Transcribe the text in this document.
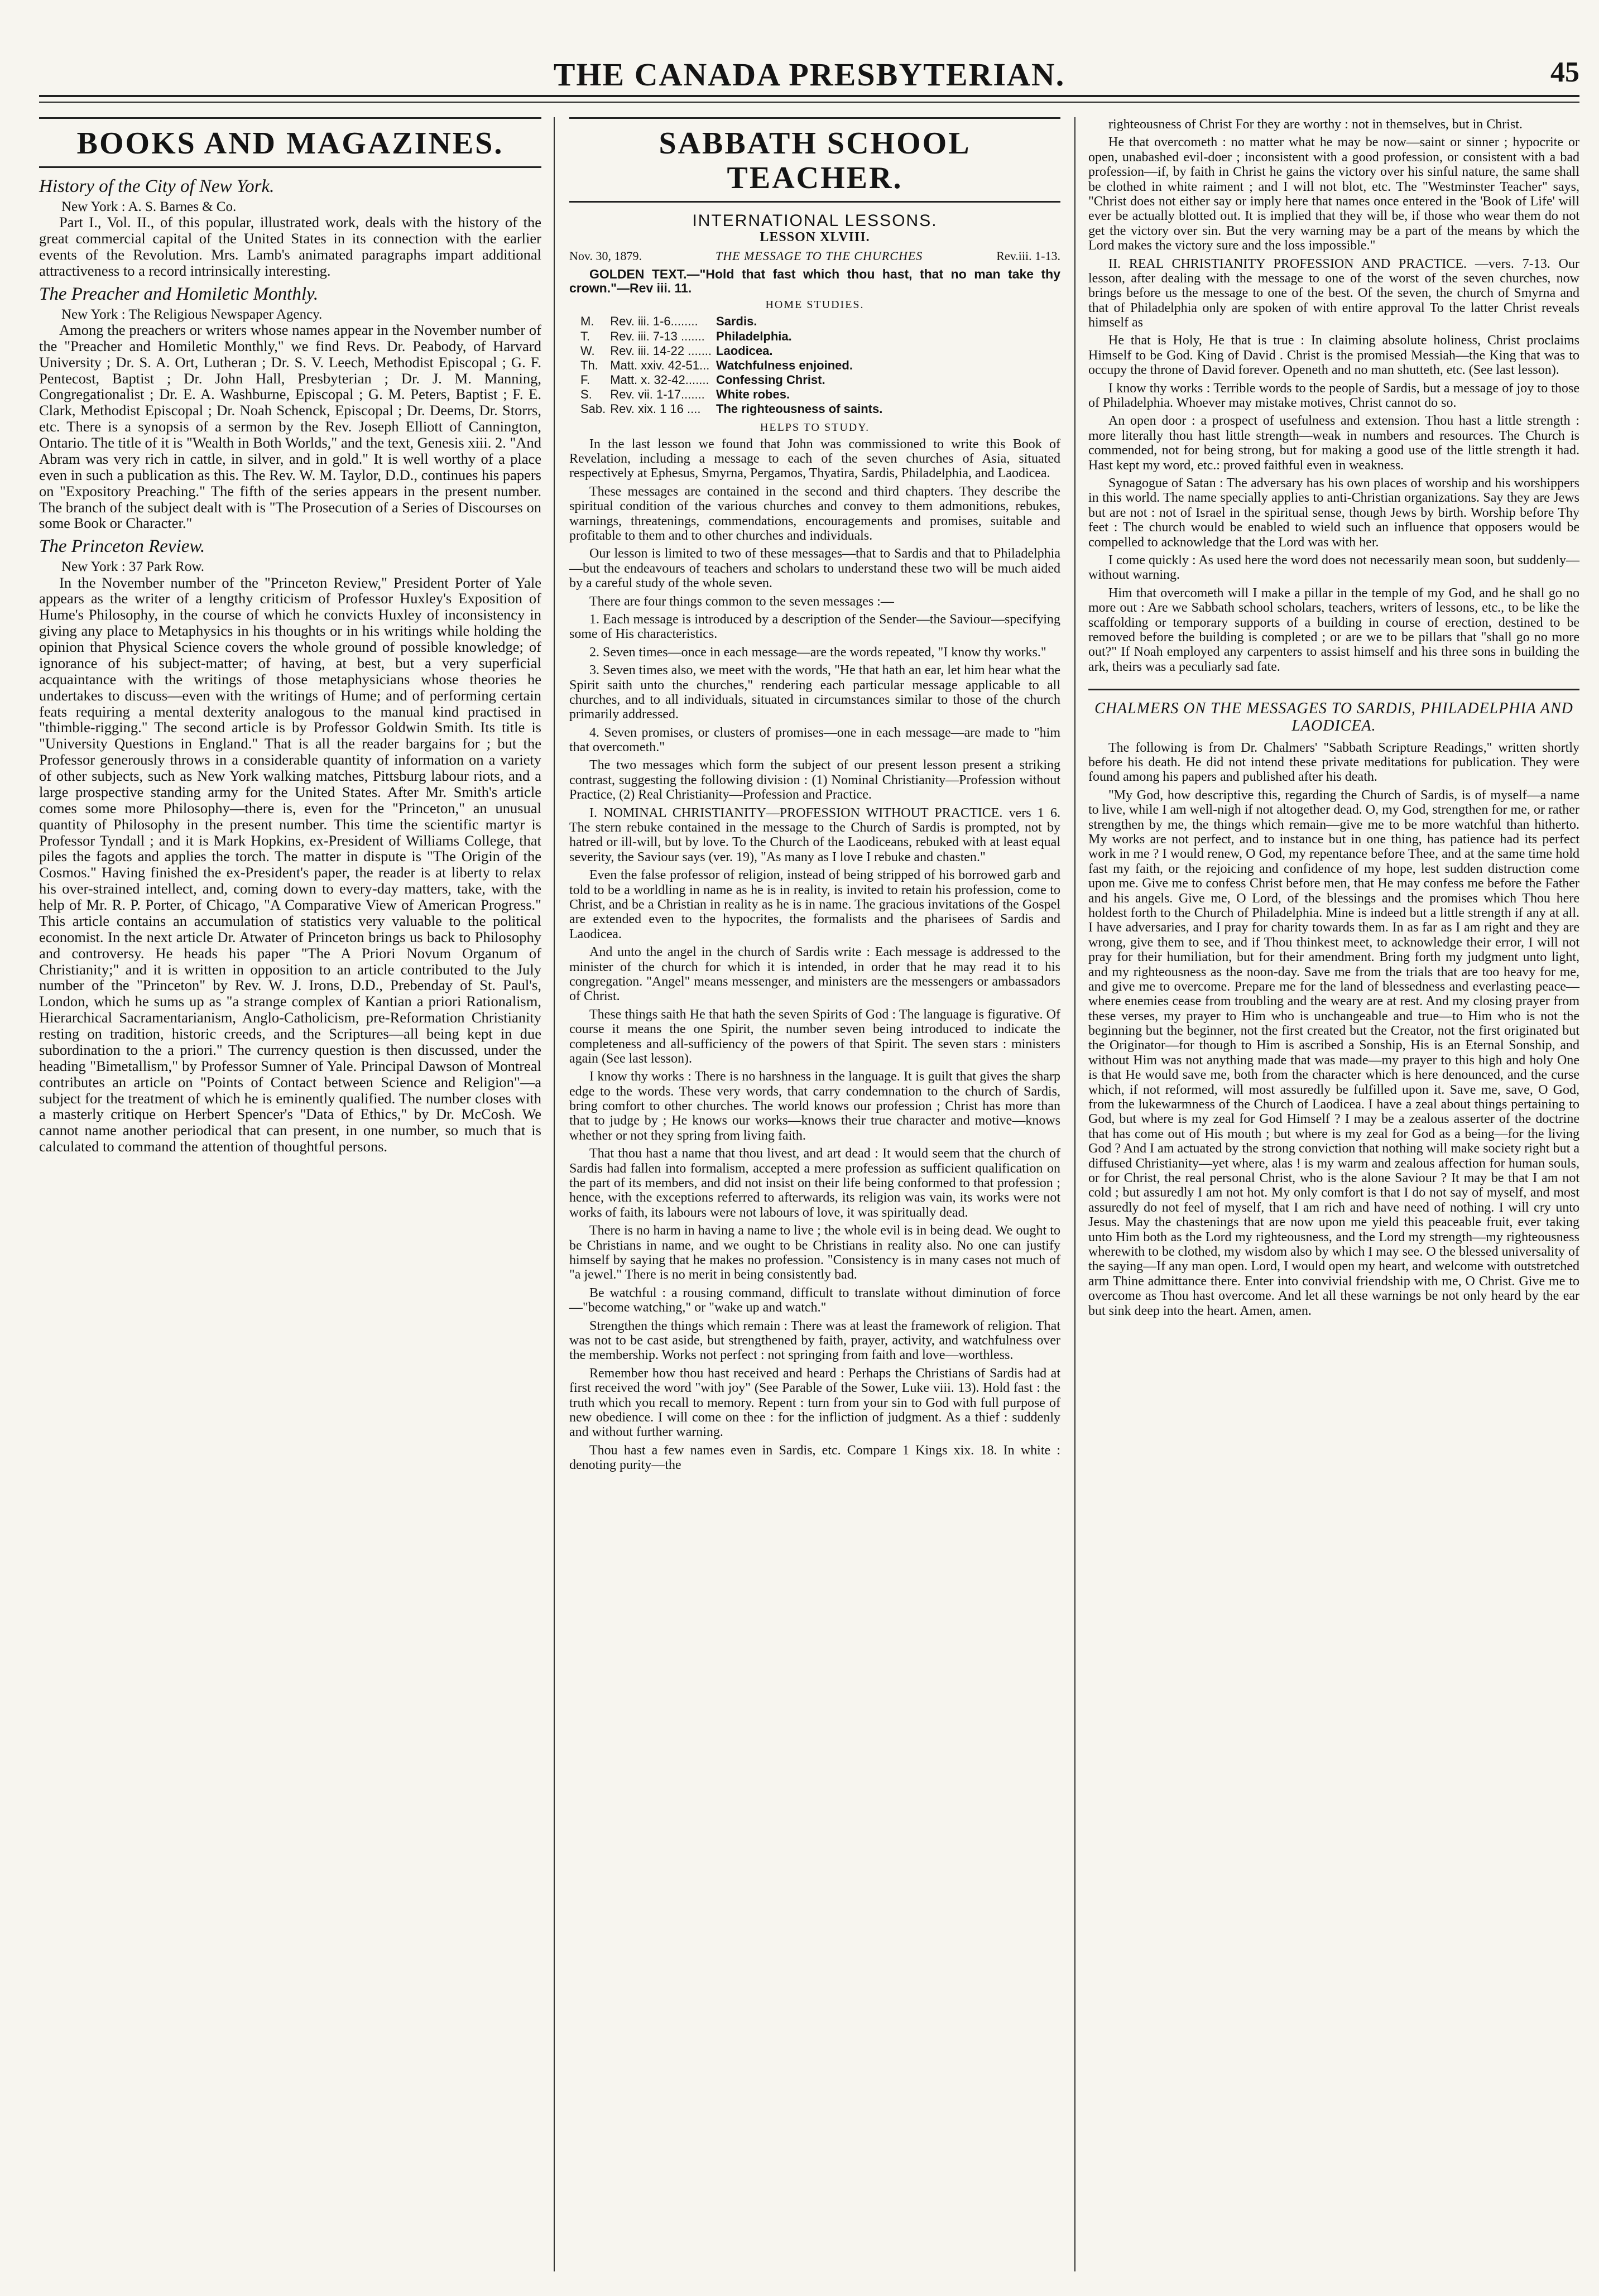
THE CANADA PRESBYTERIAN.	45
BOOKS AND MAGAZINES.
History of the City of New York.
New York : A. S. Barnes & Co.

Part I., Vol. II., of this popular, illustrated work, deals with the history of the great commercial capital of the United States in its connection with the earlier events of the Revolution. Mrs. Lamb's animated paragraphs impart additional attractiveness to a record intrinsically interesting.

The Preacher and Homiletic Monthly.
New York : The Religious Newspaper Agency.

Among the preachers or writers whose names appear in the November number of the "Preacher and Homiletic Monthly," we find Revs. Dr. Peabody, of Harvard University ; Dr. S. A. Ort, Lutheran ; Dr. S. V. Leech, Methodist Episcopal ; G. F. Pentecost, Baptist ; Dr. John Hall, Presbyterian ; Dr. J. M. Manning, Congregationalist ; Dr. E. A. Washburne, Episcopal ; G. M. Peters, Baptist ; F. E. Clark, Methodist Episcopal ; Dr. Noah Schenck, Episcopal ; Dr. Deems, Dr. Storrs, etc. There is a synopsis of a sermon by the Rev. Joseph Elliott of Cannington, Ontario. The title of it is "Wealth in Both Worlds," and the text, Genesis xiii. 2. "And Abram was very rich in cattle, in silver, and in gold." It is well worthy of a place even in such a publication as this. The Rev. W. M. Taylor, D.D., continues his papers on "Expository Preaching." The fifth of the series appears in the present number. The branch of the subject dealt with is "The Prosecution of a Series of Discourses on some Book or Character."

The Princeton Review.
New York : 37 Park Row.

In the November number of the "Princeton Review," President Porter of Yale appears as the writer of a lengthy criticism of Professor Huxley's Exposition of Hume's Philosophy, in the course of which he convicts Huxley of inconsistency in giving any place to Metaphysics in his thoughts or in his writings while holding the opinion that Physical Science covers the whole ground of possible knowledge; of ignorance of his subject-matter; of having, at best, but a very superficial acquaintance with the writings of those metaphysicians whose theories he undertakes to discuss—even with the writings of Hume; and of performing certain feats requiring a mental dexterity analogous to the manual kind practised in "thimble-rigging." The second article is by Professor Goldwin Smith. Its title is "University Questions in England." That is all the reader bargains for ; but the Professor generously throws in a considerable quantity of information on a variety of other subjects, such as New York walking matches, Pittsburg labour riots, and a large prospective standing army for the United States. After Mr. Smith's article comes some more Philosophy—there is, even for the "Princeton," an unusual quantity of Philosophy in the present number. This time the scientific martyr is Professor Tyndall ; and it is Mark Hopkins, ex-President of Williams College, that piles the fagots and applies the torch. The matter in dispute is "The Origin of the Cosmos." Having finished the ex-President's paper, the reader is at liberty to relax his over-strained intellect, and, coming down to every-day matters, take, with the help of Mr. R. P. Porter, of Chicago, "A Comparative View of American Progress." This article contains an accumulation of statistics very valuable to the political economist. In the next article Dr. Atwater of Princeton brings us back to Philosophy and controversy. He heads his paper "The A Priori Novum Organum of Christianity;" and it is written in opposition to an article contributed to the July number of the "Princeton" by Rev. W. J. Irons, D.D., Prebenday of St. Paul's, London, which he sums up as "a strange complex of Kantian a priori Rationalism, Hierarchical Sacramentarianism, Anglo-Catholicism, pre-Reformation Christianity resting on tradition, historic creeds, and the Scriptures—all being kept in due subordination to the a priori." The currency question is then discussed, under the heading "Bimetallism," by Professor Sumner of Yale. Principal Dawson of Montreal contributes an article on "Points of Contact between Science and Religion"—a subject for the treatment of which he is eminently qualified. The number closes with a masterly critique on Herbert Spencer's "Data of Ethics," by Dr. McCosh. We cannot name another periodical that can present, in one number, so much that is calculated to command the attention of thoughtful persons.

SABBATH SCHOOL TEACHER.
INTERNATIONAL LESSONS.
LESSON XLVIII.
Nov. 30, 1879.	THE MESSAGE TO THE CHURCHES	Rev.iii. 1-13.
GOLDEN TEXT.—"Hold that fast which thou hast, that no man take thy crown."—Rev iii. 11.
HOME STUDIES.
M.	Rev. iii. 1-6........	Sardis.
T.	Rev. iii. 7-13 .......	Philadelphia.
W.	Rev. iii. 14-22 .......	Laodicea.
Th.	Matt. xxiv. 42-51...	Watchfulness enjoined.
F.	Matt. x. 32-42.......	Confessing Christ.
S.	Rev. vii. 1-17.......	White robes.
Sab.	Rev. xix. 1 16 ....	The righteousness of saints.
HELPS TO STUDY.

In the last lesson we found that John was commissioned to write this Book of Revelation, including a message to each of the seven churches of Asia, situated respectively at Ephesus, Smyrna, Pergamos, Thyatira, Sardis, Philadelphia, and Laodicea.

These messages are contained in the second and third chapters. They describe the spiritual condition of the various churches and convey to them admonitions, rebukes, warnings, threatenings, commendations, encouragements and promises, suitable and profitable to them and to other churches and individuals.

Our lesson is limited to two of these messages—that to Sardis and that to Philadelphia—but the endeavours of teachers and scholars to understand these two will be much aided by a careful study of the whole seven.

There are four things common to the seven messages :—

1. Each message is introduced by a description of the Sender—the Saviour—specifying some of His characteristics.

2. Seven times—once in each message—are the words repeated, "I know thy works."

3. Seven times also, we meet with the words, "He that hath an ear, let him hear what the Spirit saith unto the churches," rendering each particular message applicable to all churches, and to all individuals, situated in circumstances similar to those of the church primarily addressed.

4. Seven promises, or clusters of promises—one in each message—are made to "him that overcometh."

The two messages which form the subject of our present lesson present a striking contrast, suggesting the following division : (1) Nominal Christianity—Profession without Practice, (2) Real Christianity—Profession and Practice.

I. NOMINAL CHRISTIANITY—PROFESSION WITHOUT PRACTICE. vers 1 6. The stern rebuke contained in the message to the Church of Sardis is prompted, not by hatred or ill-will, but by love. To the Church of the Laodiceans, rebuked with at least equal severity, the Saviour says (ver. 19), "As many as I love I rebuke and chasten."

Even the false professor of religion, instead of being stripped of his borrowed garb and told to be a worldling in name as he is in reality, is invited to retain his profession, come to Christ, and be a Christian in reality as he is in name. The gracious invitations of the Gospel are extended even to the hypocrites, the formalists and the pharisees of Sardis and Laodicea.

And unto the angel in the church of Sardis write : Each message is addressed to the minister of the church for which it is intended, in order that he may read it to his congregation. "Angel" means messenger, and ministers are the messengers or ambassadors of Christ.

These things saith He that hath the seven Spirits of God : The language is figurative. Of course it means the one Spirit, the number seven being introduced to indicate the completeness and all-sufficiency of the powers of that Spirit. The seven stars : ministers again (See last lesson).

I know thy works : There is no harshness in the language. It is guilt that gives the sharp edge to the words. These very words, that carry condemnation to the church of Sardis, bring comfort to other churches. The world knows our profession ; Christ has more than that to judge by ; He knows our works—knows their true character and motive—knows whether or not they spring from living faith.

That thou hast a name that thou livest, and art dead : It would seem that the church of Sardis had fallen into formalism, accepted a mere profession as sufficient qualification on the part of its members, and did not insist on their life being conformed to that profession ; hence, with the exceptions referred to afterwards, its religion was vain, its works were not works of faith, its labours were not labours of love, it was spiritually dead.

There is no harm in having a name to live ; the whole evil is in being dead. We ought to be Christians in name, and we ought to be Christians in reality also. No one can justify himself by saying that he makes no profession. "Consistency is in many cases not much of "a jewel." There is no merit in being consistently bad.

Be watchful : a rousing command, difficult to translate without diminution of force—"become watching," or "wake up and watch."

Strengthen the things which remain : There was at least the framework of religion. That was not to be cast aside, but strengthened by faith, prayer, activity, and watchfulness over the membership. Works not perfect : not springing from faith and love—worthless.

Remember how thou hast received and heard : Perhaps the Christians of Sardis had at first received the word "with joy" (See Parable of the Sower, Luke viii. 13). Hold fast : the truth which you recall to memory. Repent : turn from your sin to God with full purpose of new obedience. I will come on thee : for the infliction of judgment. As a thief : suddenly and without further warning.

Thou hast a few names even in Sardis, etc. Compare 1 Kings xix. 18. In white : denoting purity—the

righteousness of Christ For they are worthy : not in themselves, but in Christ.

He that overcometh : no matter what he may be now—saint or sinner ; hypocrite or open, unabashed evil-doer ; inconsistent with a good profession, or consistent with a bad profession—if, by faith in Christ he gains the victory over his sinful nature, the same shall be clothed in white raiment ; and I will not blot, etc. The "Westminster Teacher" says, "Christ does not either say or imply here that names once entered in the 'Book of Life' will ever be actually blotted out. It is implied that they will be, if those who wear them do not get the victory over sin. But the very warning may be a part of the means by which the Lord makes the victory sure and the loss impossible."

II. REAL CHRISTIANITY PROFESSION AND PRACTICE. —vers. 7-13. Our lesson, after dealing with the message to one of the worst of the seven churches, now brings before us the message to one of the best. Of the seven, the church of Smyrna and that of Philadelphia only are spoken of with entire approval To the latter Christ reveals himself as

He that is Holy, He that is true : In claiming absolute holiness, Christ proclaims Himself to be God. King of David . Christ is the promised Messiah—the King that was to occupy the throne of David forever. Openeth and no man shutteth, etc. (See last lesson).

I know thy works : Terrible words to the people of Sardis, but a message of joy to those of Philadelphia. Whoever may mistake motives, Christ cannot do so.

An open door : a prospect of usefulness and extension. Thou hast a little strength : more literally thou hast little strength—weak in numbers and resources. The Church is commended, not for being strong, but for making a good use of the little strength it had. Hast kept my word, etc.: proved faithful even in weakness.

Synagogue of Satan : The adversary has his own places of worship and his worshippers in this world. The name specially applies to anti-Christian organizations. Say they are Jews but are not : not of Israel in the spiritual sense, though Jews by birth. Worship before Thy feet : The church would be enabled to wield such an influence that opposers would be compelled to acknowledge that the Lord was with her.

I come quickly : As used here the word does not necessarily mean soon, but suddenly—without warning.

Him that overcometh will I make a pillar in the temple of my God, and he shall go no more out : Are we Sabbath school scholars, teachers, writers of lessons, etc., to be like the scaffolding or temporary supports of a building in course of erection, destined to be removed before the building is completed ; or are we to be pillars that "shall go no more out?" If Noah employed any carpenters to assist himself and his three sons in building the ark, theirs was a peculiarly sad fate.

CHALMERS ON THE MESSAGES TO SARDIS, PHILADELPHIA AND LAODICEA.

The following is from Dr. Chalmers' "Sabbath Scripture Readings," written shortly before his death. He did not intend these private meditations for publication. They were found among his papers and published after his death.

"My God, how descriptive this, regarding the Church of Sardis, is of myself—a name to live, while I am well-nigh if not altogether dead. O, my God, strengthen for me, or rather strengthen by me, the things which remain—give me to be more watchful than hitherto. My works are not perfect, and to instance but in one thing, has patience had its perfect work in me ? I would renew, O God, my repentance before Thee, and at the same time hold fast my faith, or the rejoicing and confidence of my hope, lest sudden distruction come upon me. Give me to confess Christ before men, that He may confess me before the Father and his angels. Give me, O Lord, of the blessings and the promises which Thou here holdest forth to the Church of Philadelphia. Mine is indeed but a little strength if any at all. I have adversaries, and I pray for charity towards them. In as far as I am right and they are wrong, give them to see, and if Thou thinkest meet, to acknowledge their error, I will not pray for their humiliation, but for their amendment. Bring forth my judgment unto light, and my righteousness as the noon-day. Save me from the trials that are too heavy for me, and give me to overcome. Prepare me for the land of blessedness and everlasting peace—where enemies cease from troubling and the weary are at rest. And my closing prayer from these verses, my prayer to Him who is unchangeable and true—to Him who is not the beginning but the beginner, not the first created but the Creator, not the first originated but the Originator—for though to Him is ascribed a Sonship, His is an Eternal Sonship, and without Him was not anything made that was made—my prayer to this high and holy One is that He would save me, both from the character which is here denounced, and the curse which, if not reformed, will most assuredly be fulfilled upon it. Save me, save, O God, from the lukewarmness of the Church of Laodicea. I have a zeal about things pertaining to God, but where is my zeal for God Himself ? I may be a zealous asserter of the doctrine that has come out of His mouth ; but where is my zeal for God as a being—for the living God ? And I am actuated by the strong conviction that nothing will make society right but a diffused Christianity—yet where, alas ! is my warm and zealous affection for human souls, or for Christ, the real personal Christ, who is the alone Saviour ? It may be that I am not cold ; but assuredly I am not hot. My only comfort is that I do not say of myself, and most assuredly do not feel of myself, that I am rich and have need of nothing. I will cry unto Jesus. May the chastenings that are now upon me yield this peaceable fruit, ever taking unto Him both as the Lord my righteousness, and the Lord my strength—my righteousness wherewith to be clothed, my wisdom also by which I may see. O the blessed universality of the saying—If any man open. Lord, I would open my heart, and welcome with outstretched arm Thine admittance there. Enter into convivial friendship with me, O Christ. Give me to overcome as Thou hast overcome. And let all these warnings be not only heard by the ear but sink deep into the heart. Amen, amen.
